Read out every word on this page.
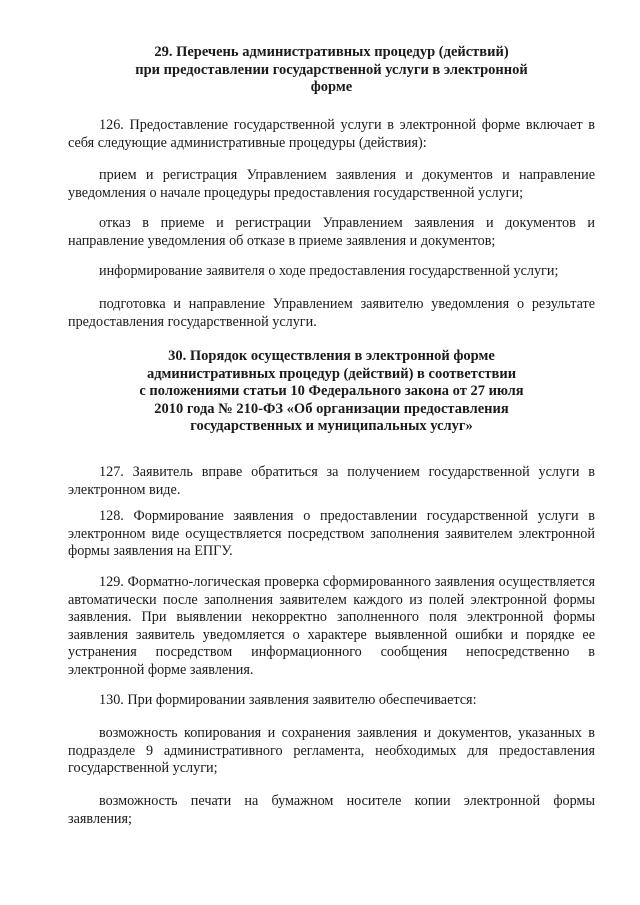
29. Перечень административных процедур (действий)
при предоставлении государственной услуги в электронной
форме

126. Предоставление государственной услуги в электронной форме включает в себя следующие административные процедуры (действия):

прием и регистрация Управлением заявления и документов и направление уведомления о начале процедуры предоставления государственной услуги;

отказ в приеме и регистрации Управлением заявления и документов и направление уведомления об отказе в приеме заявления и документов;

информирование заявителя о ходе предоставления государственной услуги;

подготовка и направление Управлением заявителю уведомления о результате предоставления государственной услуги.

30. Порядок осуществления в электронной форме
административных процедур (действий) в соответствии
с положениями статьи 10 Федерального закона от 27 июля
2010 года № 210-ФЗ «Об организации предоставления
государственных и муниципальных услуг»

127. Заявитель вправе обратиться за получением государственной услуги в электронном виде.

128. Формирование заявления о предоставлении государственной услуги в электронном виде осуществляется посредством заполнения заявителем электронной формы заявления на ЕПГУ.

129. Форматно-логическая проверка сформированного заявления осуществляется автоматически после заполнения заявителем каждого из полей электронной формы заявления. При выявлении некорректно заполненного поля электронной формы заявления заявитель уведомляется о характере выявленной ошибки и порядке ее устранения посредством информационного сообщения непосредственно в электронной форме заявления.

130. При формировании заявления заявителю обеспечивается:

возможность копирования и сохранения заявления и документов, указанных в подразделе 9 административного регламента, необходимых для предоставления государственной услуги;

возможность печати на бумажном носителе копии электронной формы заявления;
